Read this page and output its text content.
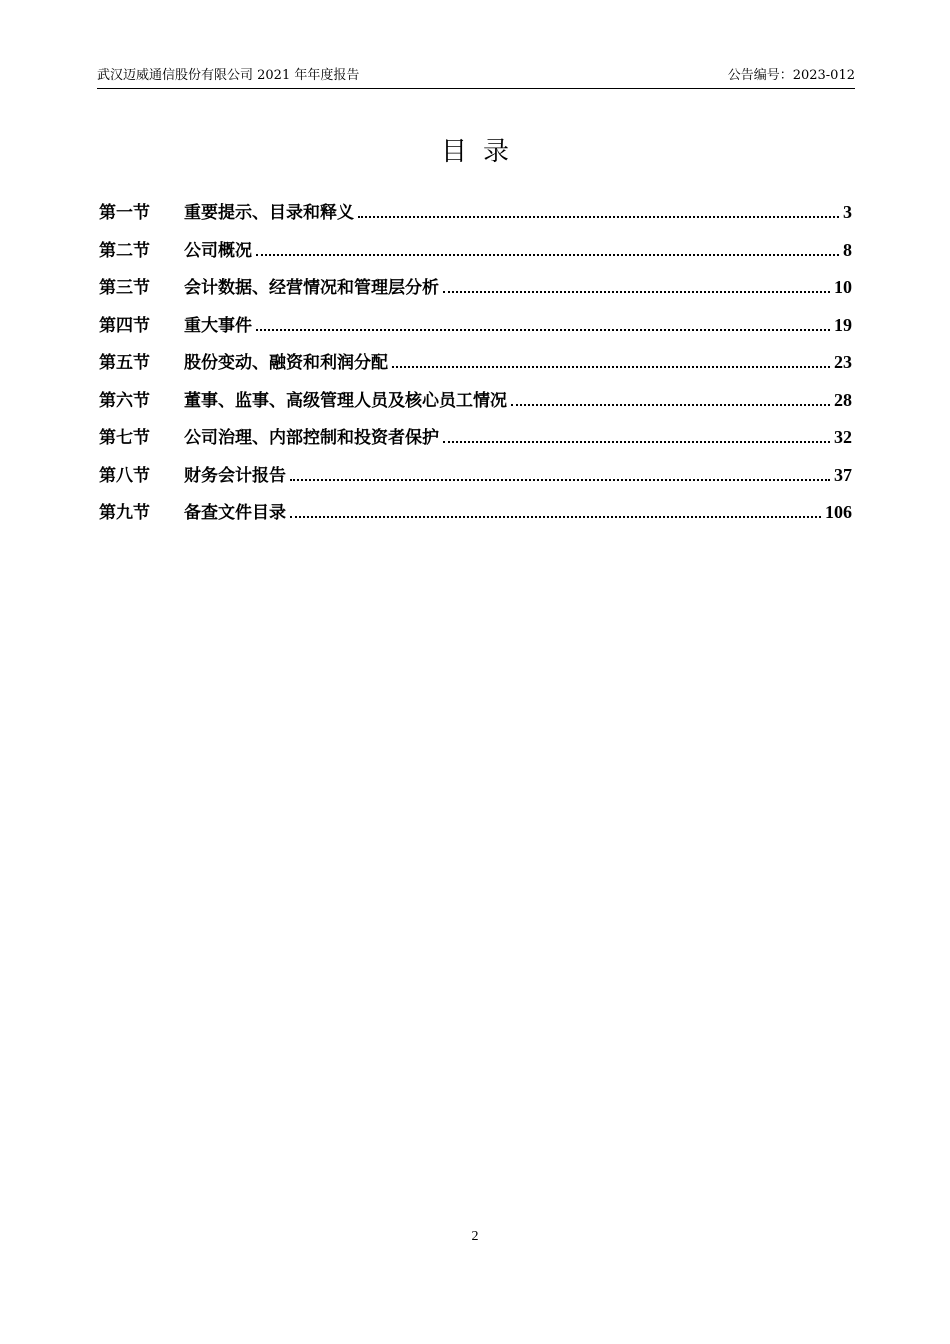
武汉迈威通信股份有限公司 2021 年年度报告	公告编号：2023-012
目录
第一节	重要提示、目录和释义	3
第二节	公司概况	8
第三节	会计数据、经营情况和管理层分析	10
第四节	重大事件	19
第五节	股份变动、融资和利润分配	23
第六节	董事、监事、高级管理人员及核心员工情况	28
第七节	公司治理、内部控制和投资者保护	32
第八节	财务会计报告	37
第九节	备查文件目录	106
2
